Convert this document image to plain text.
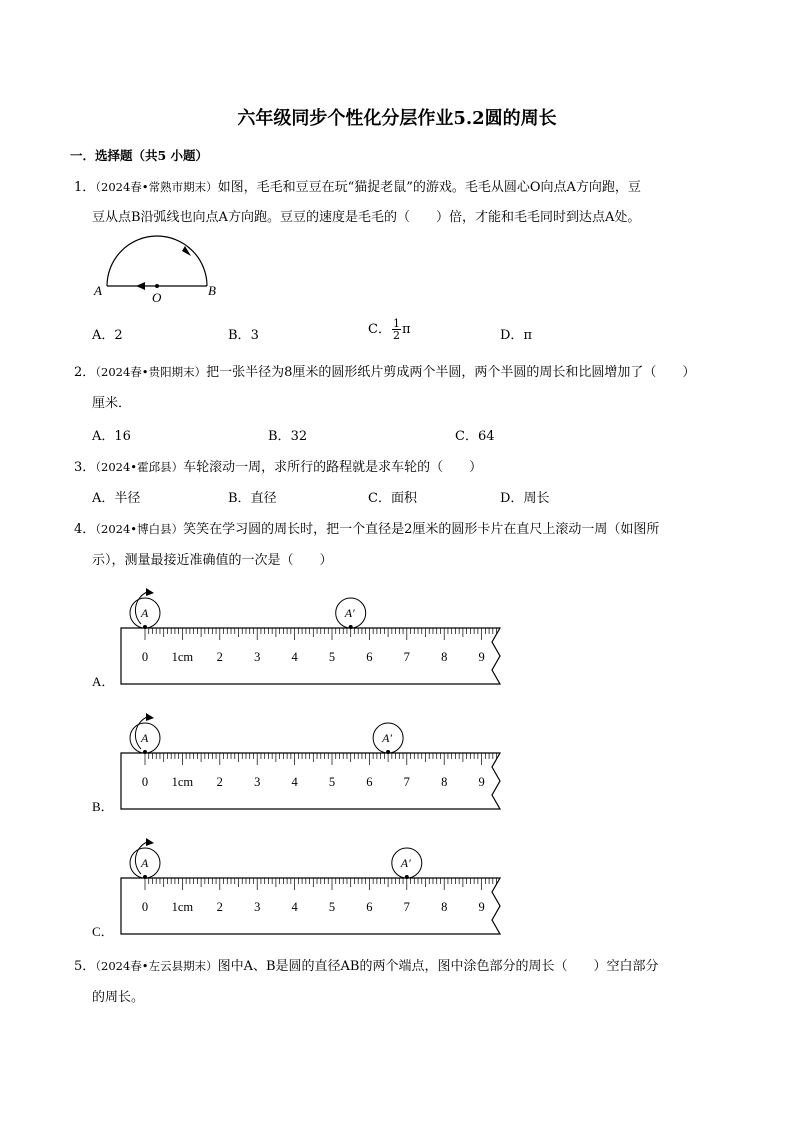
六年级同步个性化分层作业5.2圆的周长
一．选择题（共5 小题）
1．（2024春•常熟市期末）如图，毛毛和豆豆在玩“猫捉老鼠”的游戏。毛毛从圆心O向点A方向跑，豆
豆从点B沿弧线也向点A方向跑。豆豆的速度是毛毛的（　　）倍，才能和毛毛同时到达点A处。
A	O	B
A．2	B．3	C． $\frac{1}{2}$ π	D．π
2．（2024春•贵阳期末）把一张半径为8厘米的圆形纸片剪成两个半圆，两个半圆的周长和比圆增加了（　　）
厘米．
A．16	B．32	C．64
3．（2024•霍邱县）车轮滚动一周，求所行的路程就是求车轮的（　　）
A．半径	B．直径	C．面积	D．周长
4．（2024•博白县）笑笑在学习圆的周长时，把一个直径是2厘米的圆形卡片在直尺上滚动一周（如图所
示），测量最接近准确值的一次是（　　）
0 1cm 2 3 4 5 6 7 8 9
A	A′
A．
0 1cm 2 3 4 5 6 7 8 9
A	A′
B．
0 1cm 2 3 4 5 6 7 8 9
A	A′
C．
5．（2024春•左云县期末）图中A、B是圆的直径AB的两个端点，图中涂色部分的周长（　　）空白部分
的周长。
